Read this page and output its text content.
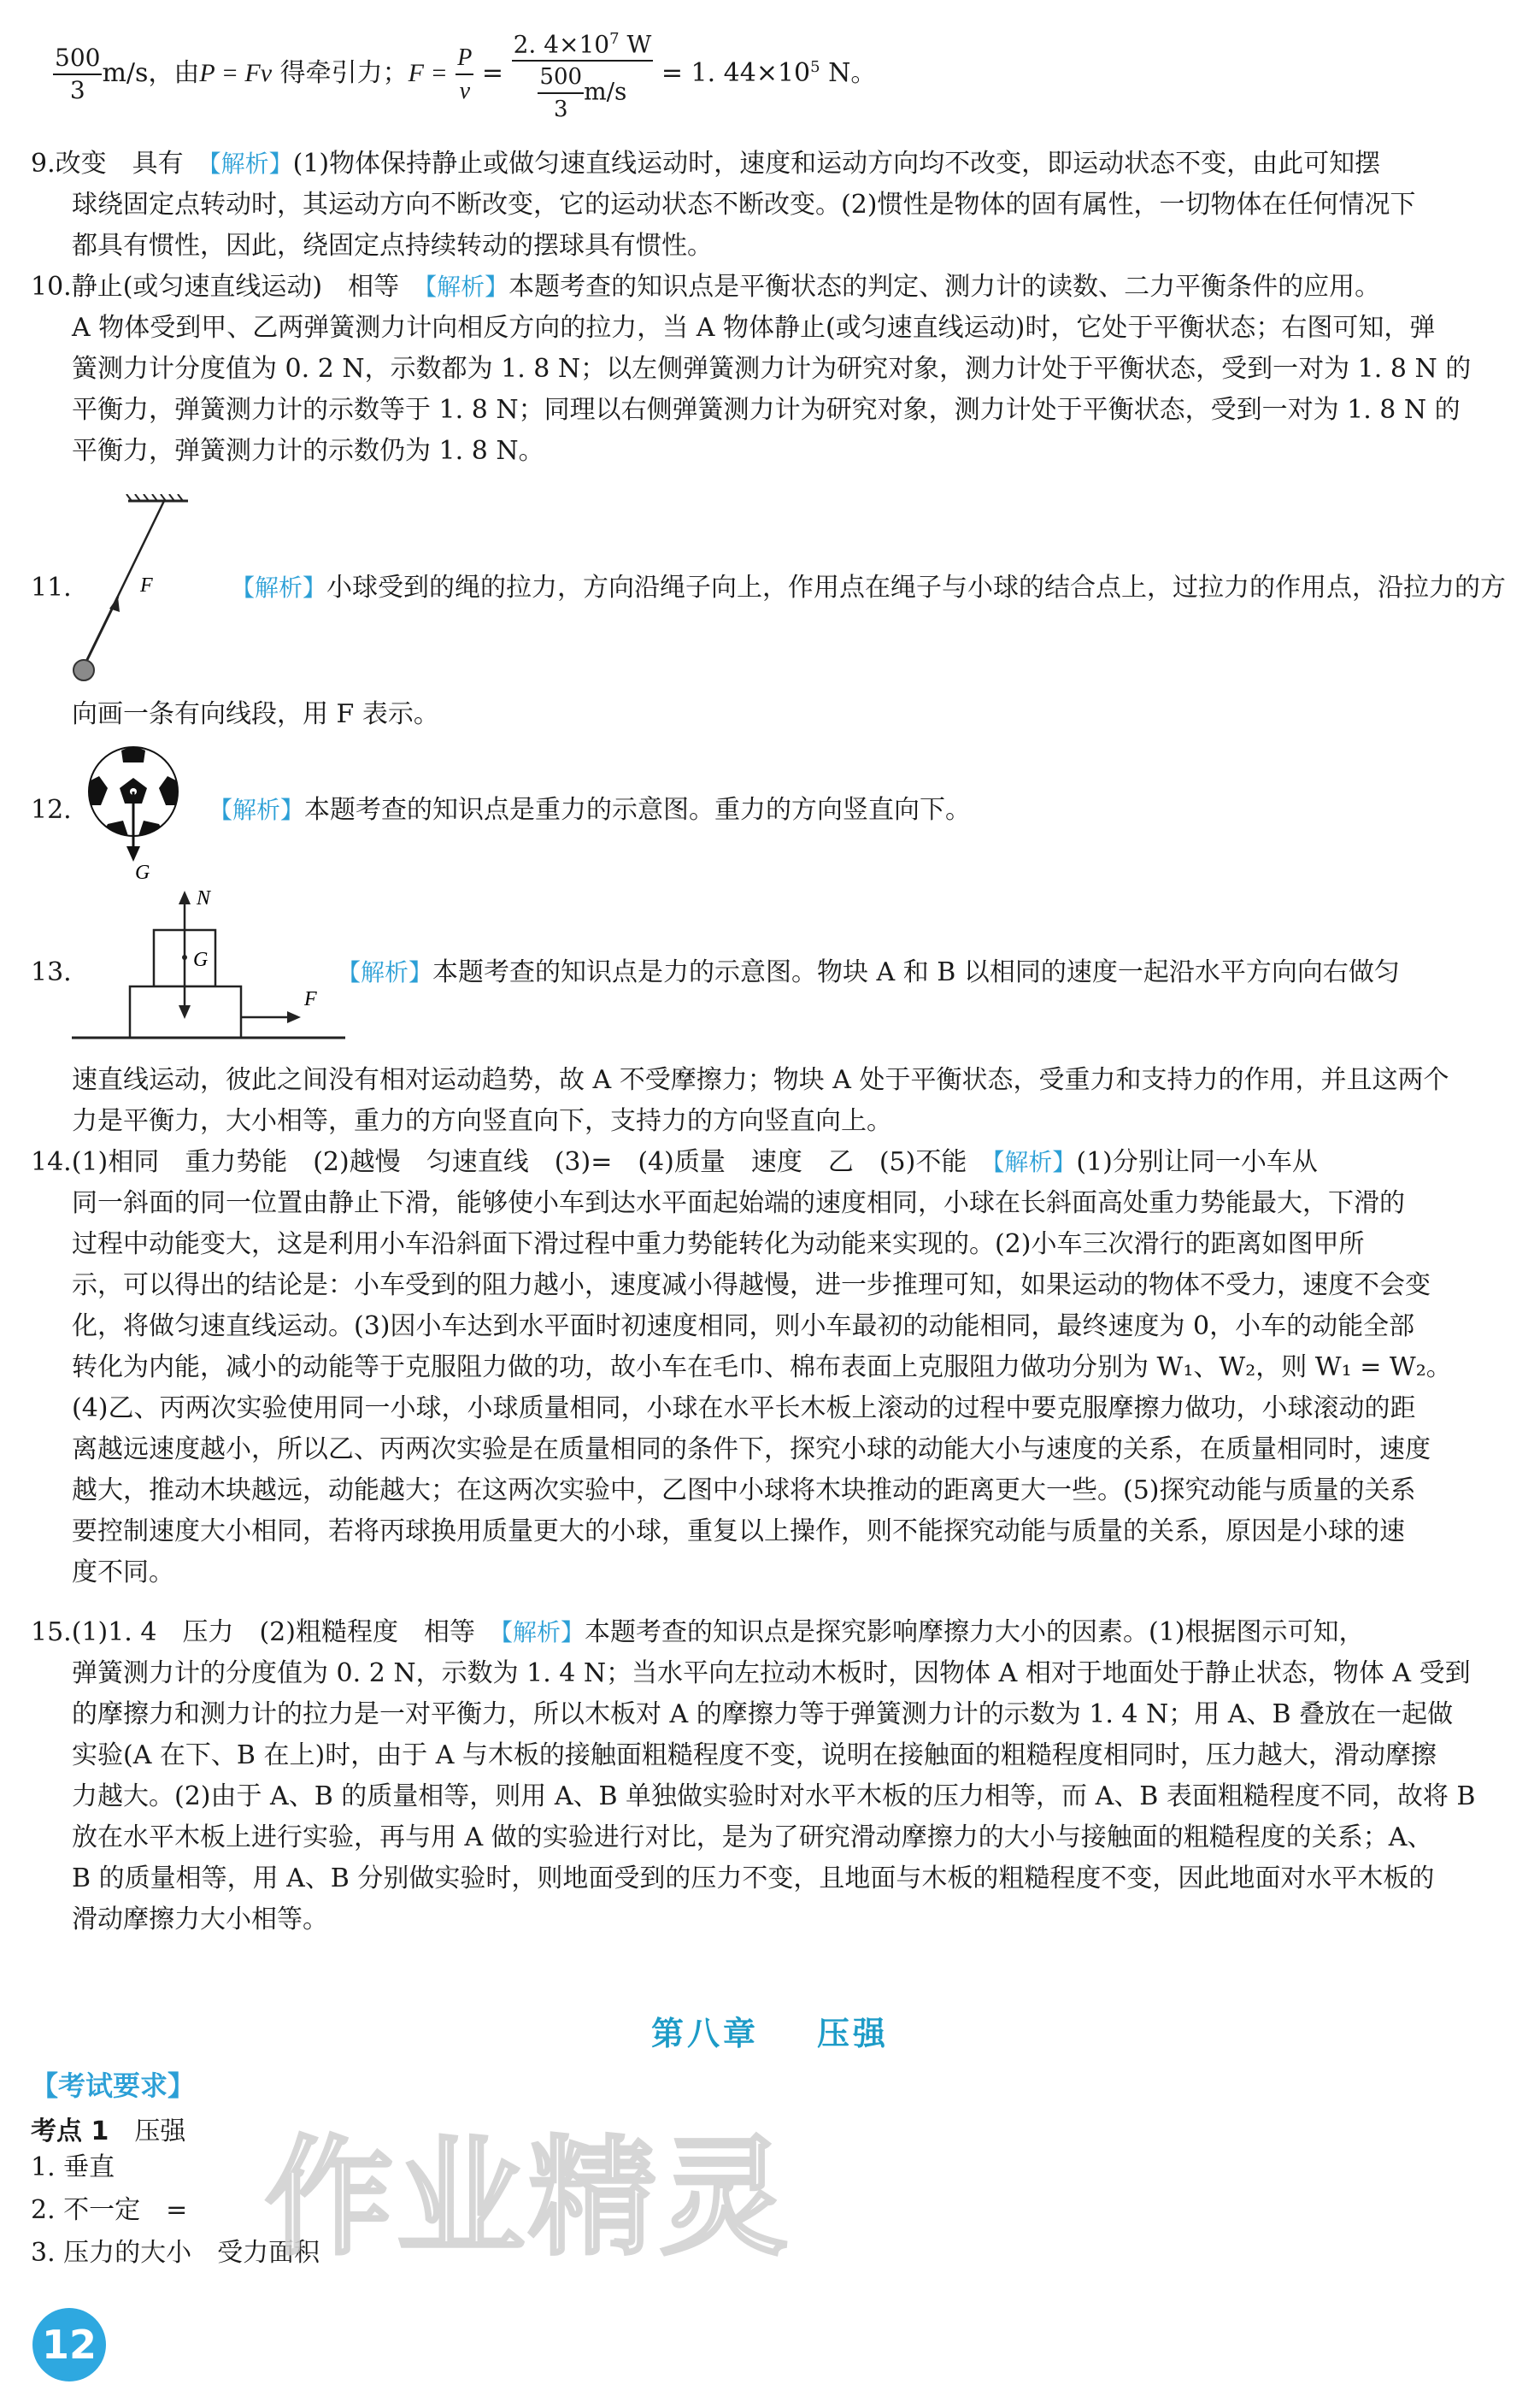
$\frac{500}{3} m/s$，由P = Fv 得牵引力；$F = \frac{P}{v} = \frac{2. 4\times 10^7 W}{\frac{500}{3} m/s} = 1$. $44\times 10^5$ N。
9.改变　具有　 【解析】(1)物体保持静止或做匀速直线运动时，速度和运动方向均不改变，即运动状态不变，由此可知摆
球绕固定点转动时，其运动方向不断改变，它的运动状态不断改变。(2)惯性是物体的固有属性，一切物体在任何情况下
都具有惯性，因此，绕固定点持续转动的摆球具有惯性。
10.静止(或匀速直线运动)　相等　 【解析】本题考查的知识点是平衡状态的判定、测力计的读数、二力平衡条件的应用。
A 物体受到甲、乙两弹簧测力计向相反方向的拉力，当 A 物体静止(或匀速直线运动)时，它处于平衡状态；右图可知，弹
簧测力计分度值为 0. 2 N，示数都为 1. 8 N；以左侧弹簧测力计为研究对象，测力计处于平衡状态，受到一对为 1. 8 N 的
平衡力，弹簧测力计的示数等于 1. 8 N；同理以右侧弹簧测力计为研究对象，测力计处于平衡状态，受到一对为 1. 8 N 的
平衡力，弹簧测力计的示数仍为 1. 8 N。
11.	F	【解析】小球受到的绳的拉力，方向沿绳子向上，作用点在绳子与小球的结合点上，过拉力的作用点，沿拉力的方
向画一条有向线段，用 F 表示。
12.
G
【解析】本题考查的知识点是重力的示意图。重力的方向竖直向下。
13.
N
G
F
【解析】本题考查的知识点是力的示意图。物块 A 和 B 以相同的速度一起沿水平方向向右做匀
速直线运动，彼此之间没有相对运动趋势，故 A 不受摩擦力；物块 A 处于平衡状态，受重力和支持力的作用，并且这两个
力是平衡力，大小相等，重力的方向竖直向下，支持力的方向竖直向上。
14.(1)相同　重力势能　(2)越慢　匀速直线　(3)=　(4)质量　速度　乙　(5)不能　 【解析】(1)分别让同一小车从
同一斜面的同一位置由静止下滑，能够使小车到达水平面起始端的速度相同，小球在长斜面高处重力势能最大，下滑的
过程中动能变大，这是利用小车沿斜面下滑过程中重力势能转化为动能来实现的。(2)小车三次滑行的距离如图甲所
示，可以得出的结论是：小车受到的阻力越小，速度减小得越慢，进一步推理可知，如果运动的物体不受力，速度不会变
化，将做匀速直线运动。(3)因小车达到水平面时初速度相同，则小车最初的动能相同，最终速度为 0，小车的动能全部
转化为内能，减小的动能等于克服阻力做的功，故小车在毛巾、棉布表面上克服阻力做功分别为 W₁、W₂，则 W₁ = W₂。
(4)乙、丙两次实验使用同一小球，小球质量相同，小球在水平长木板上滚动的过程中要克服摩擦力做功，小球滚动的距
离越远速度越小，所以乙、丙两次实验是在质量相同的条件下，探究小球的动能大小与速度的关系，在质量相同时，速度
越大，推动木块越远，动能越大；在这两次实验中，乙图中小球将木块推动的距离更大一些。(5)探究动能与质量的关系
要控制速度大小相同，若将丙球换用质量更大的小球，重复以上操作，则不能探究动能与质量的关系，原因是小球的速
度不同。
15.(1)1. 4　压力　(2)粗糙程度　相等　 【解析】本题考查的知识点是探究影响摩擦力大小的因素。(1)根据图示可知，
弹簧测力计的分度值为 0. 2 N，示数为 1. 4 N；当水平向左拉动木板时，因物体 A 相对于地面处于静止状态，物体 A 受到
的摩擦力和测力计的拉力是一对平衡力，所以木板对 A 的摩擦力等于弹簧测力计的示数为 1. 4 N；用 A、B 叠放在一起做
实验(A 在下、B 在上)时，由于 A 与木板的接触面粗糙程度不变，说明在接触面的粗糙程度相同时，压力越大，滑动摩擦
力越大。(2)由于 A、B 的质量相等，则用 A、B 单独做实验时对水平木板的压力相等，而 A、B 表面粗糙程度不同，故将 B
放在水平木板上进行实验，再与用 A 做的实验进行对比，是为了研究滑动摩擦力的大小与接触面的粗糙程度的关系；A、
B 的质量相等，用 A、B 分别做实验时，则地面受到的压力不变，且地面与木板的粗糙程度不变，因此地面对水平木板的
滑动摩擦力大小相等。
第八章 压强
【考试要求】
考点 1　 压强
1. 垂直
2. 不一定　=
3. 压力的大小　受力面积
作业精灵
12
